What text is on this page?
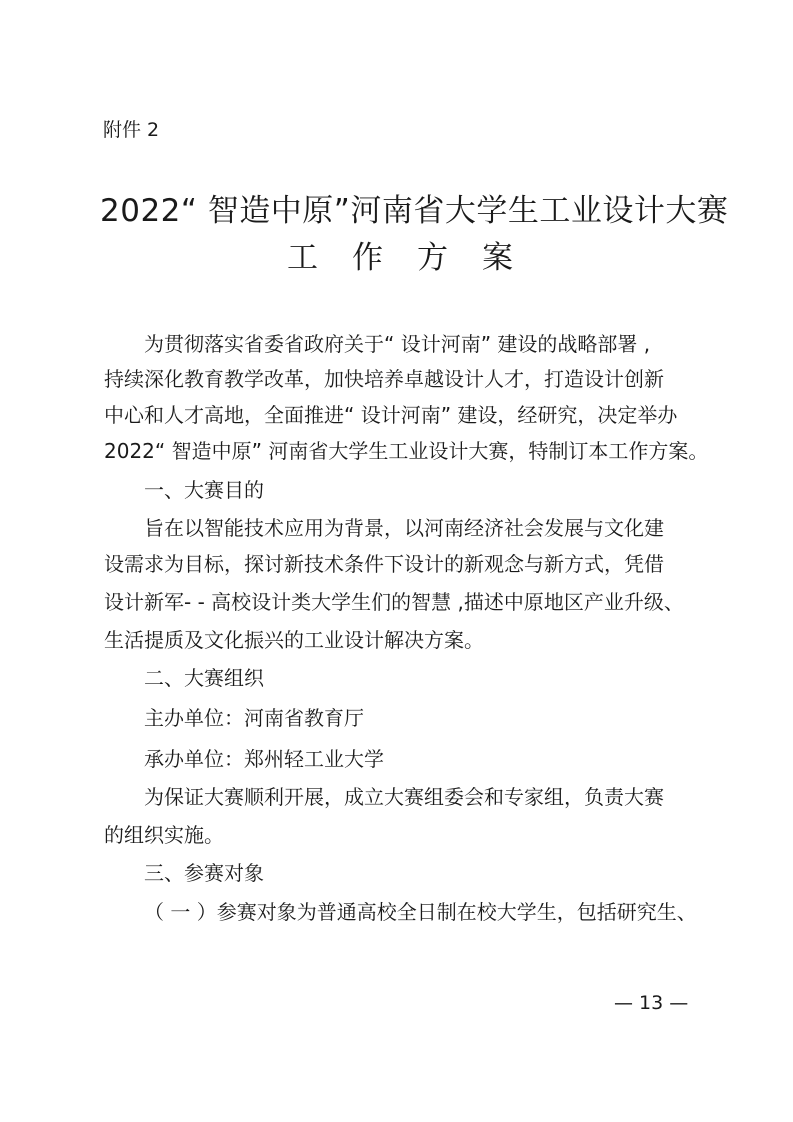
附件 2
2022“ 智造中原”河南省大学生工业设计大赛
工作方案
为贯彻落实省委省政府关于“ 设计河南” 建设的战略部署 ,
持续深化教育教学改革，加快培养卓越设计人才，打造设计创新
中心和人才高地，全面推进“ 设计河南” 建设，经研究，决定举办
2022“ 智造中原” 河南省大学生工业设计大赛，特制订本工作方案。
一、大赛目的
旨在以智能技术应用为背景，以河南经济社会发展与文化建
设需求为目标，探讨新技术条件下设计的新观念与新方式，凭借
设计新军- - 高校设计类大学生们的智慧 ,描述中原地区产业升级、
生活提质及文化振兴的工业设计解决方案。
二、大赛组织
主办单位：河南省教育厅
承办单位：郑州轻工业大学
为保证大赛顺利开展，成立大赛组委会和专家组，负责大赛
的组织实施。
三、参赛对象
（ 一 ）参赛对象为普通高校全日制在校大学生，包括研究生、
— 13 —
